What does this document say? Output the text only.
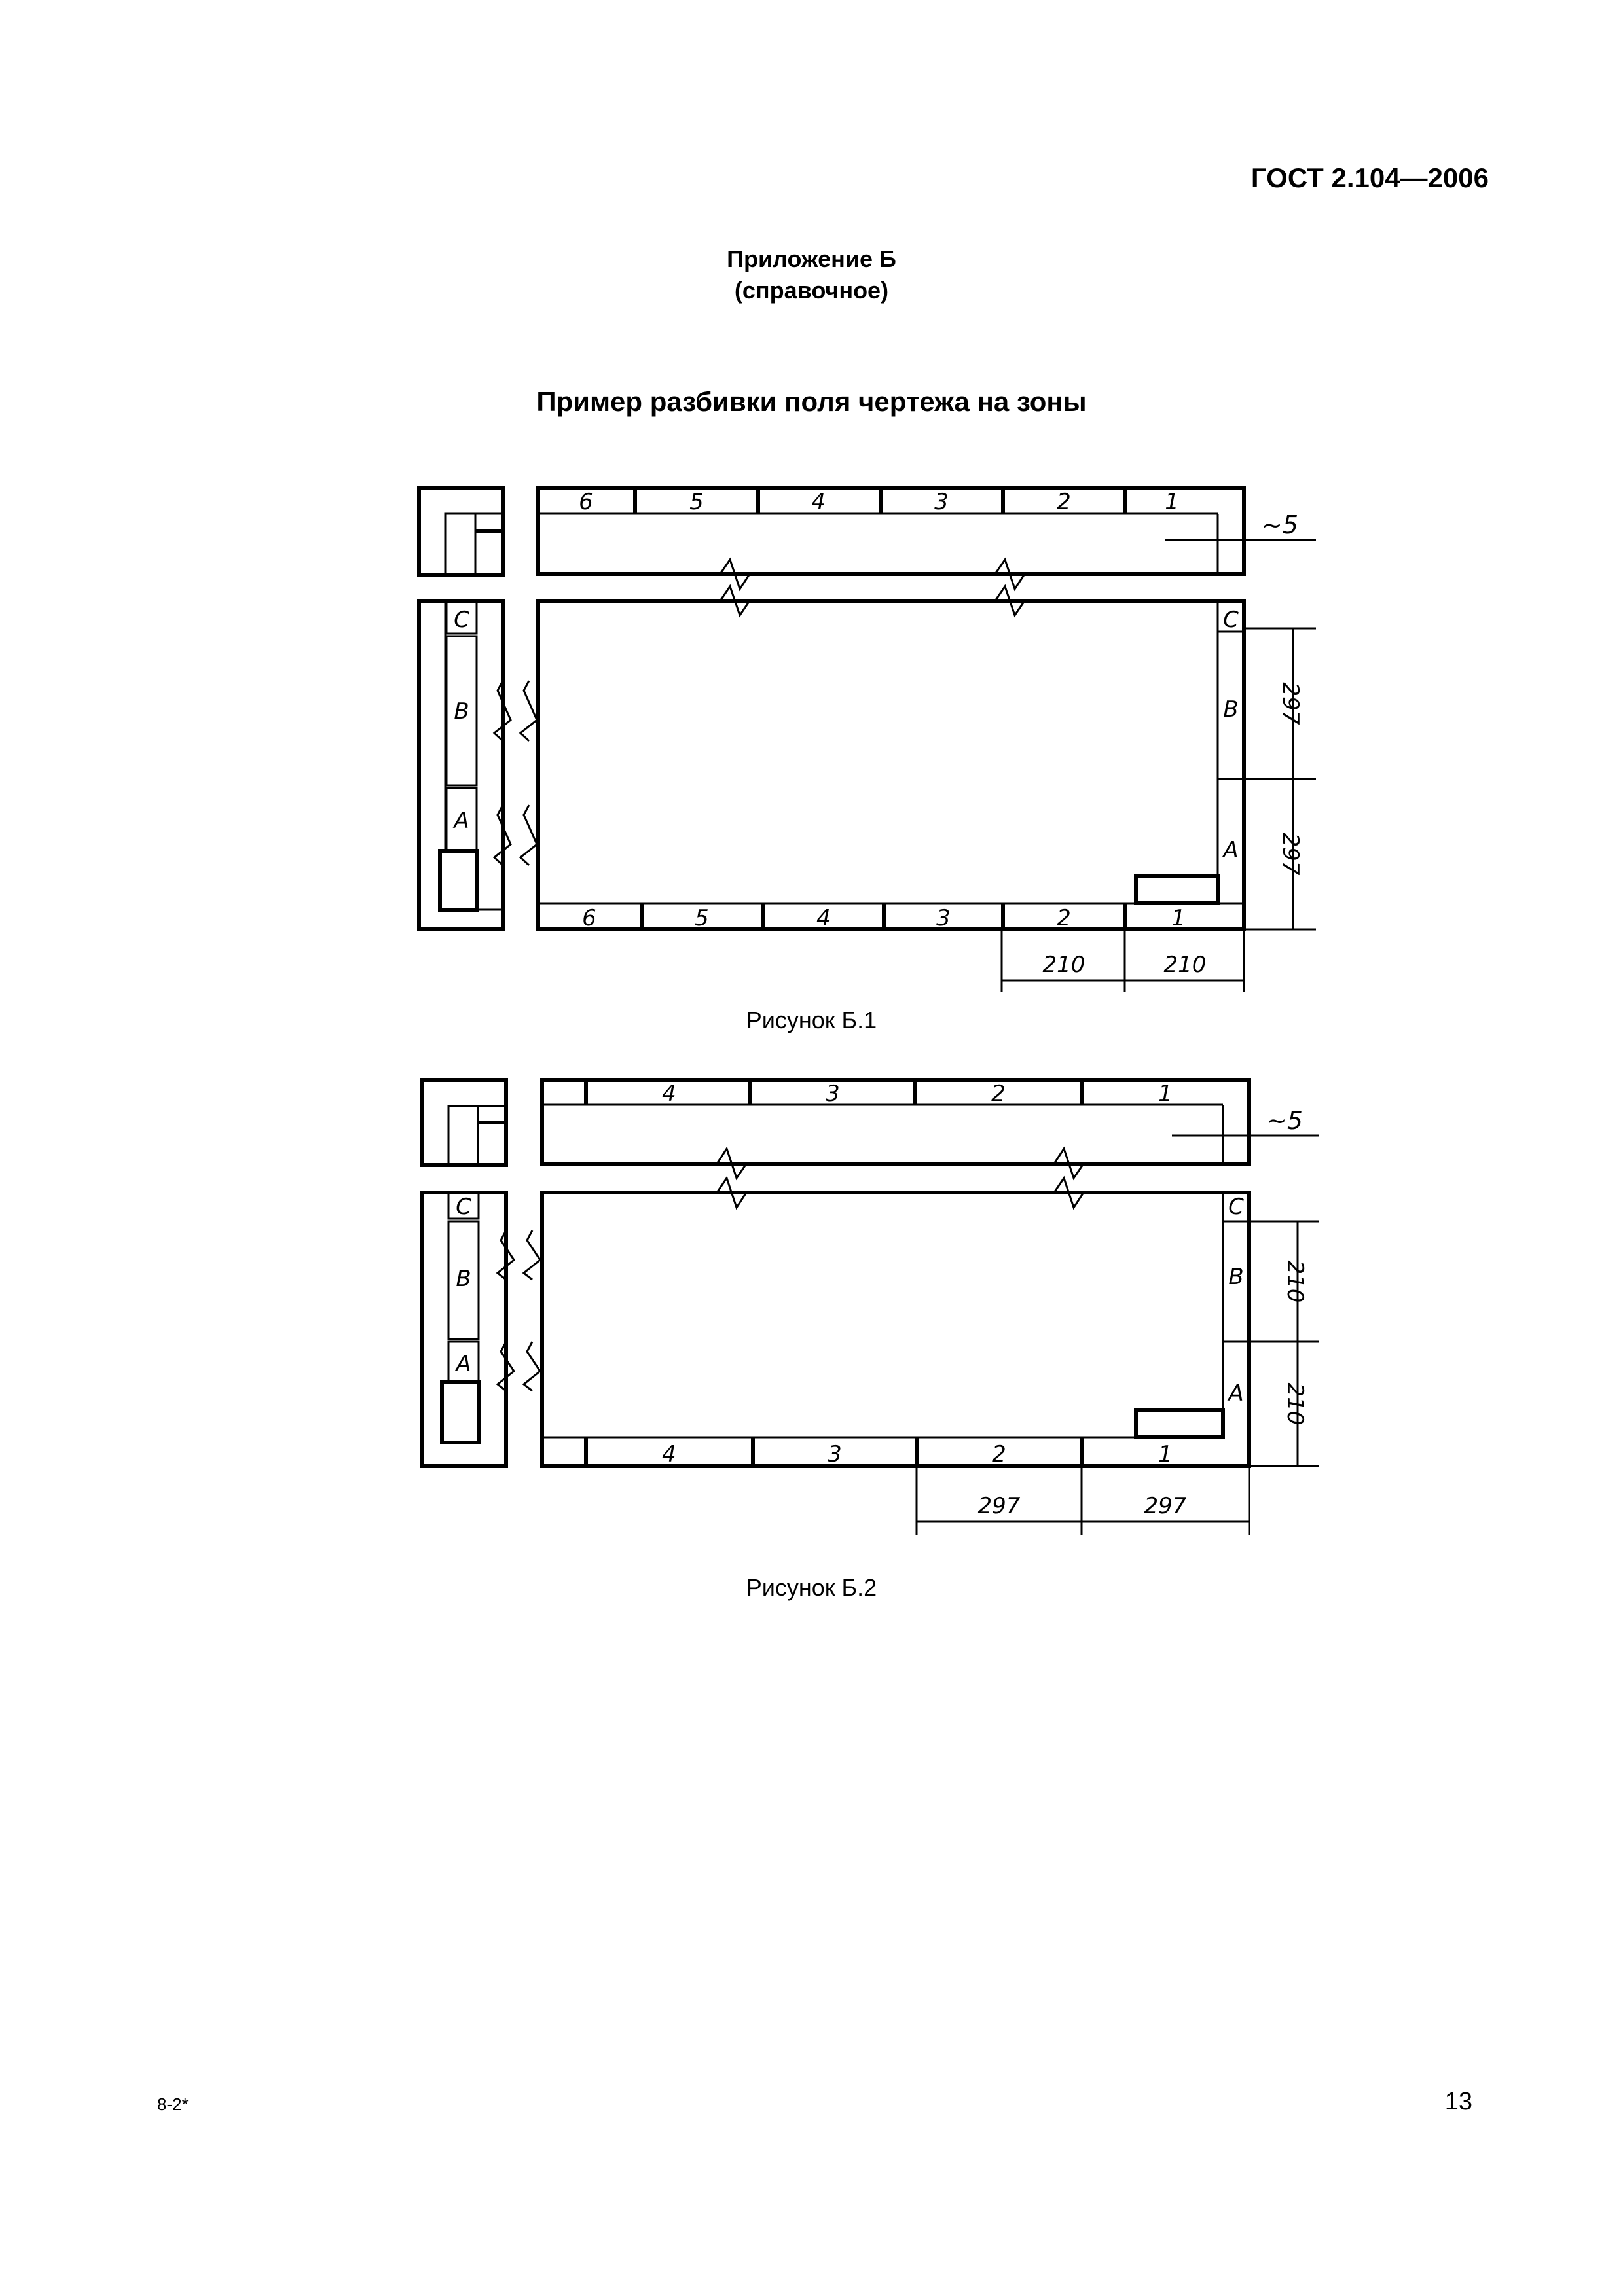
ГОСТ 2.104—2006
Приложение Б
(справочное)
Пример разбивки поля чертежа на зоны
6	5	4	3	2	1
6	5	4	3	2	1
C
B
A
C
B
A
~5
297
297
210	210
4	3	2	1
4	3	2	1
C
B
A
C
B
A
~5
210
210
297	297
Рисунок Б.1
Рисунок Б.2
8-2*	13
